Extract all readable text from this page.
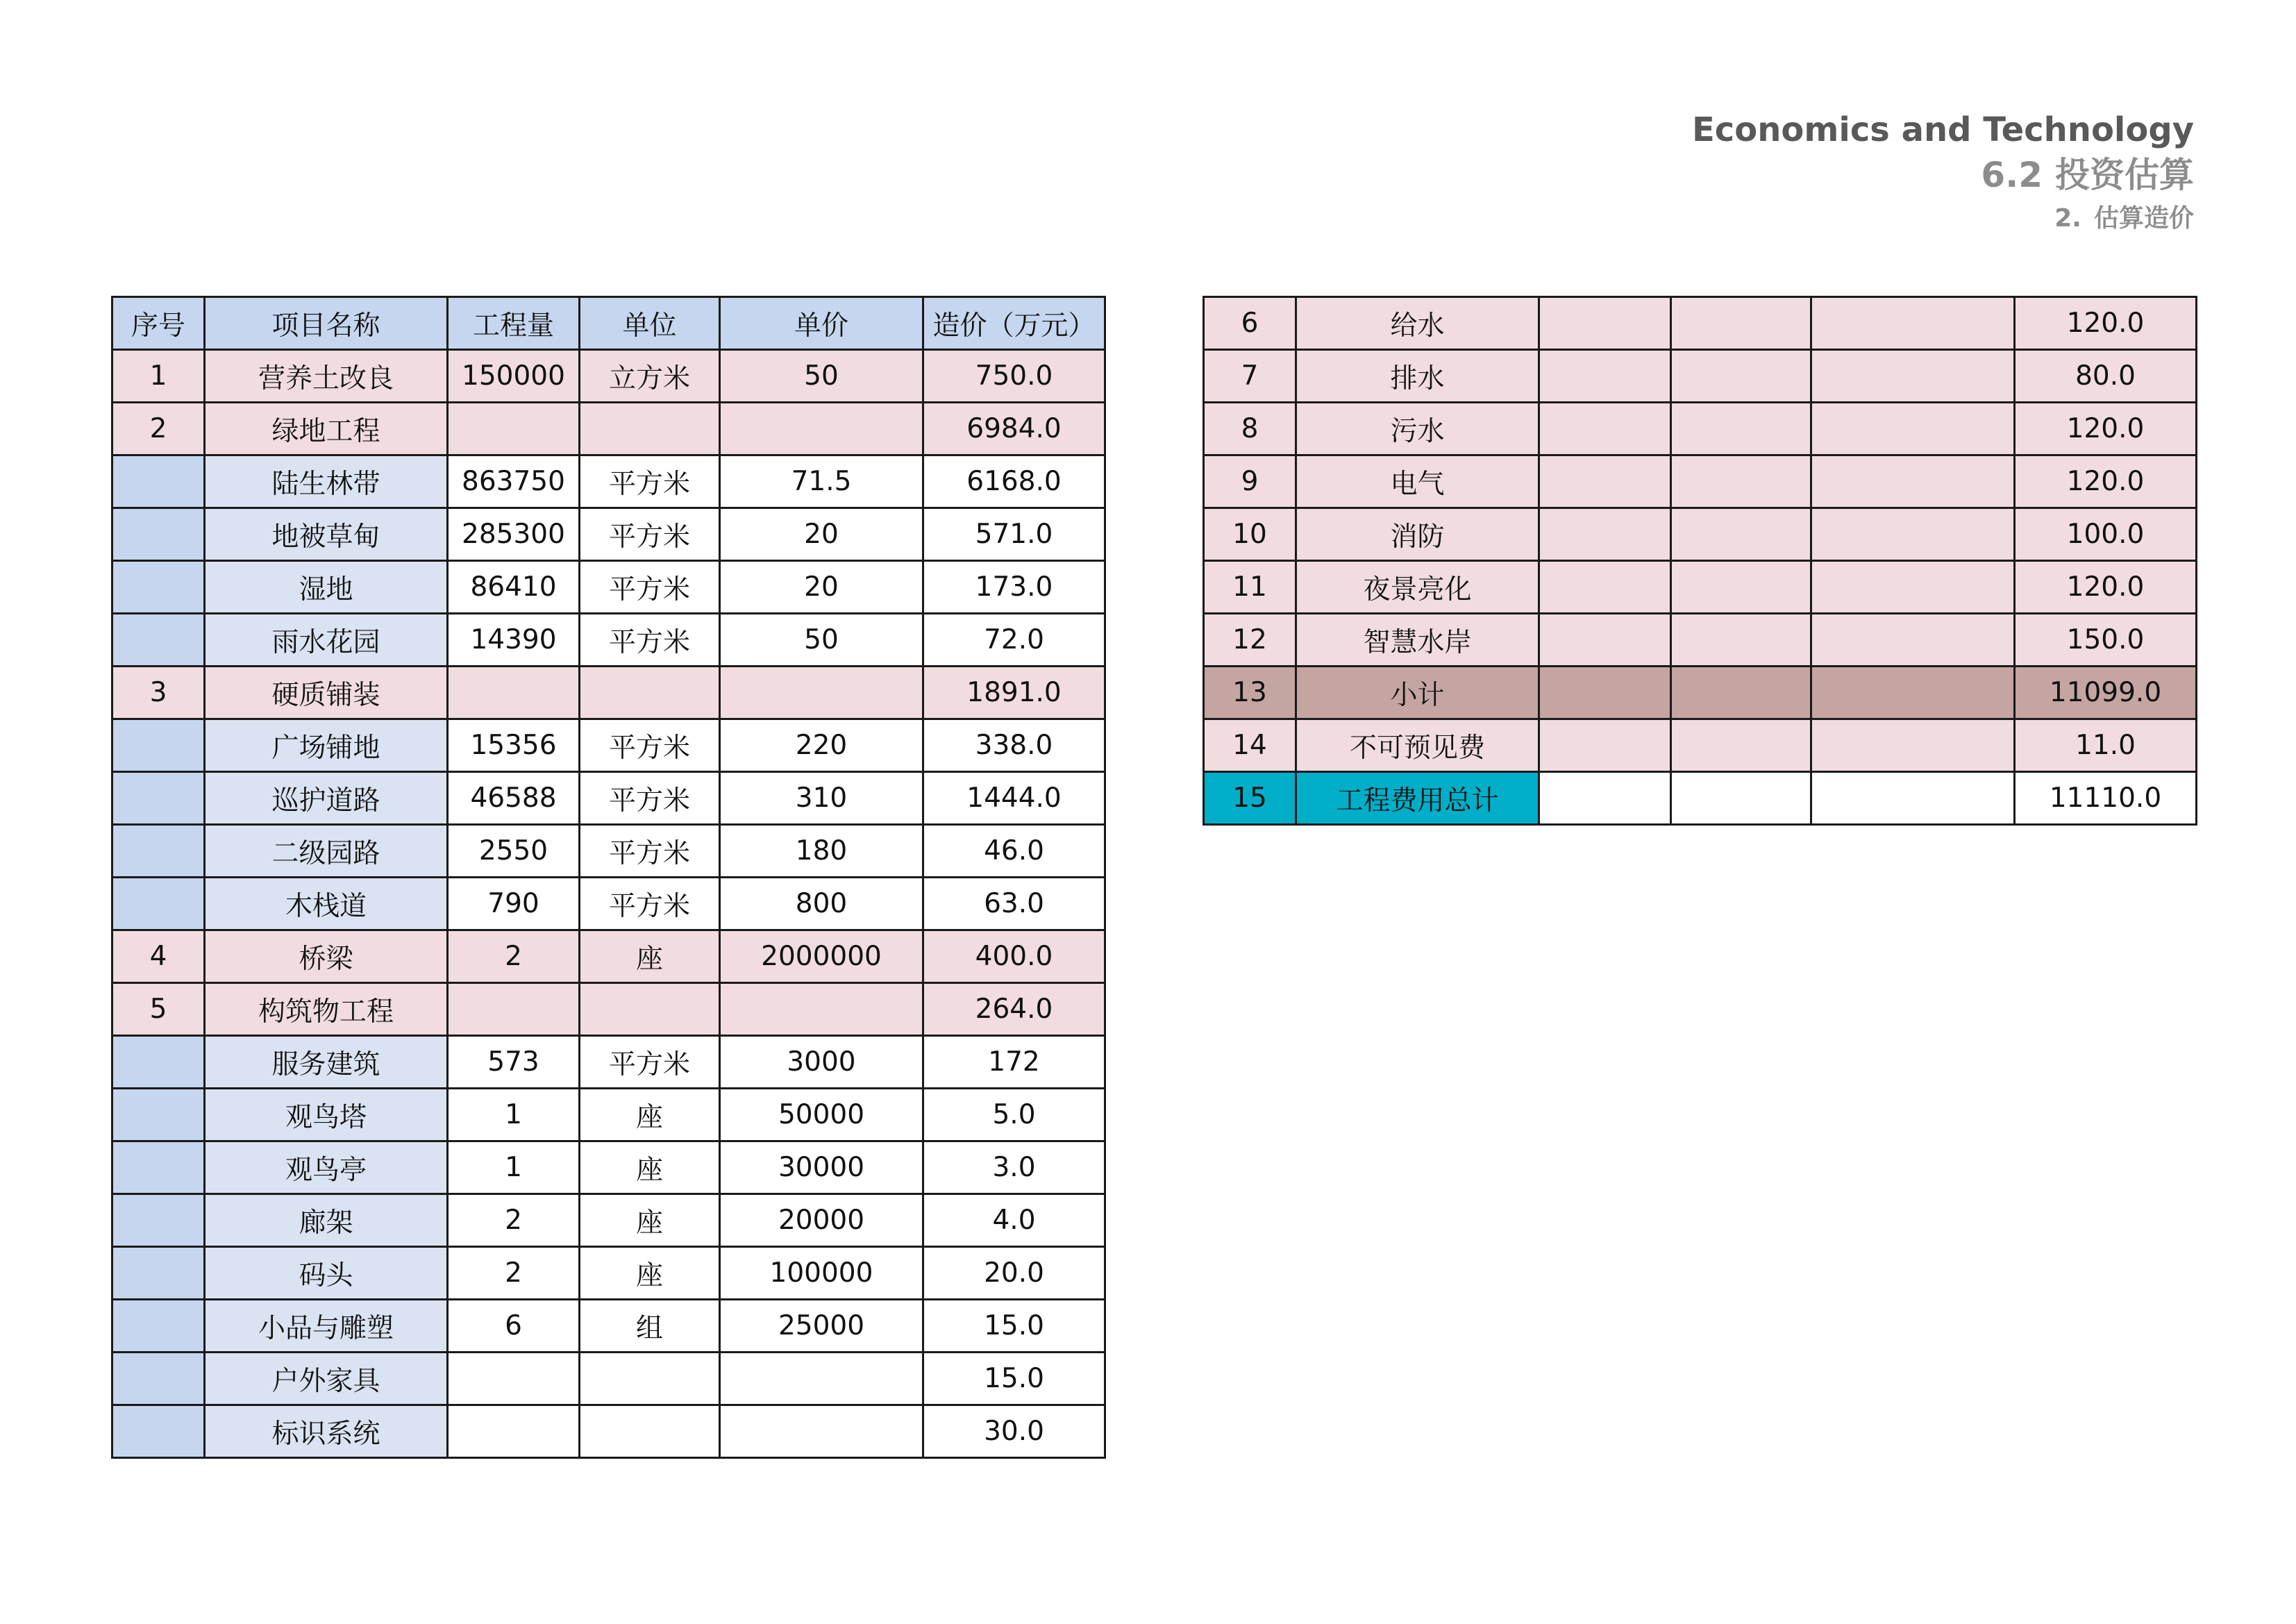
Economics and Technology
6.2 投资估算
2. 估算造价
序号	项目名称	工程量	单位	单价	造价（万元）
1	营养土改良	150000	立方米	50	750.0
2	绿地工程				6984.0
	陆生林带	863750	平方米	71.5	6168.0
	地被草甸	285300	平方米	20	571.0
	湿地	86410	平方米	20	173.0
	雨水花园	14390	平方米	50	72.0
3	硬质铺装				1891.0
	广场铺地	15356	平方米	220	338.0
	巡护道路	46588	平方米	310	1444.0
	二级园路	2550	平方米	180	46.0
	木栈道	790	平方米	800	63.0
4	桥梁	2	座	2000000	400.0
5	构筑物工程				264.0
	服务建筑	573	平方米	3000	172
	观鸟塔	1	座	50000	5.0
	观鸟亭	1	座	30000	3.0
	廊架	2	座	20000	4.0
	码头	2	座	100000	20.0
	小品与雕塑	6	组	25000	15.0
	户外家具				15.0
	标识系统				30.0
6	给水				120.0
7	排水				80.0
8	污水				120.0
9	电气				120.0
10	消防				100.0
11	夜景亮化				120.0
12	智慧水岸				150.0
13	小计				11099.0
14	不可预见费				11.0
15	工程费用总计				11110.0
